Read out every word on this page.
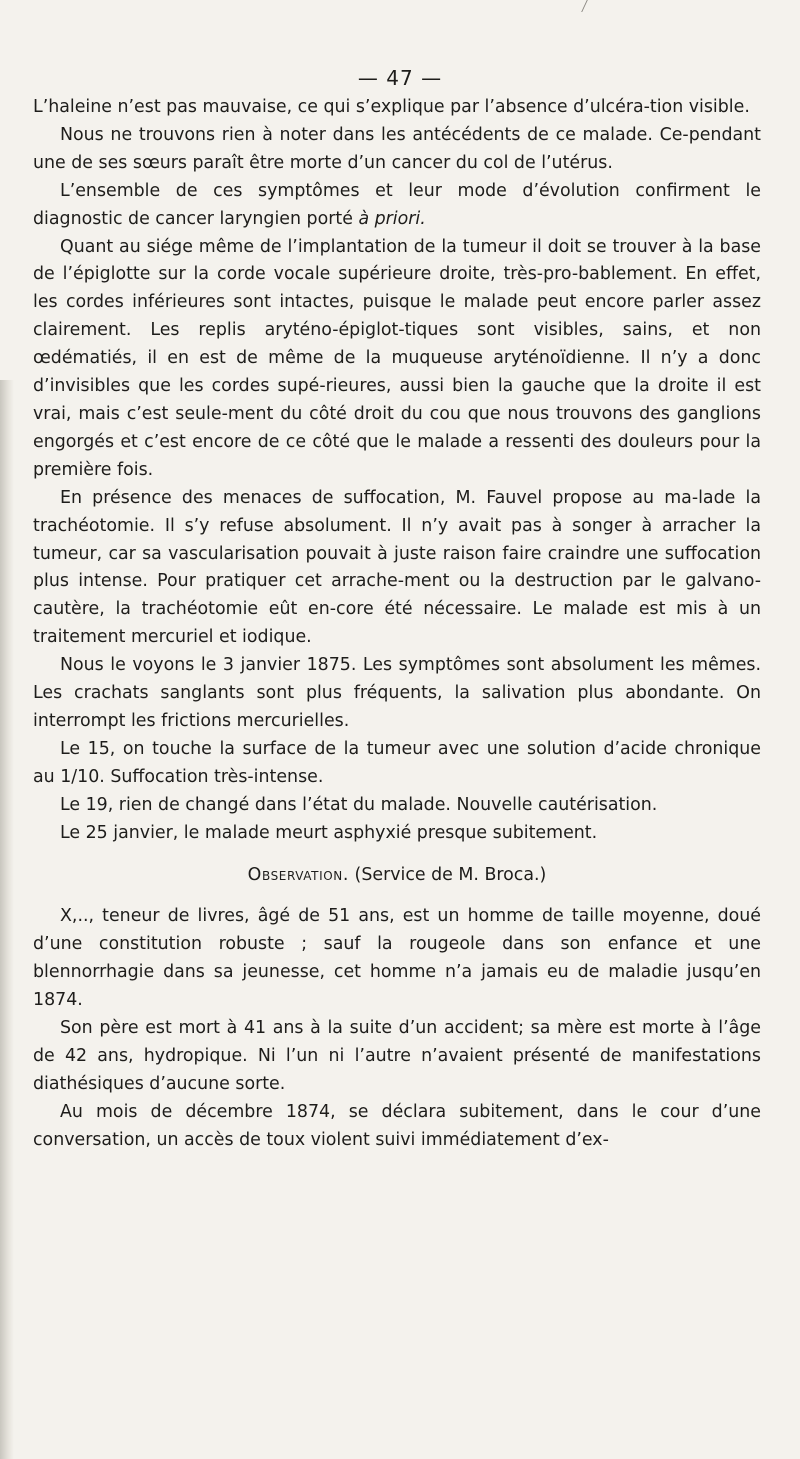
— 47 —

L’haleine n’est pas mauvaise, ce qui s’explique par l’absence d’ulcéra-tion visible.

Nous ne trouvons rien à noter dans les antécédents de ce malade. Ce-pendant une de ses sœurs paraît être morte d’un cancer du col de l’utérus.

L’ensemble de ces symptômes et leur mode d’évolution confirment le diagnostic de cancer laryngien porté à priori.

Quant au siége même de l’implantation de la tumeur il doit se trouver à la base de l’épiglotte sur la corde vocale supérieure droite, très-pro-bablement. En effet, les cordes inférieures sont intactes, puisque le malade peut encore parler assez clairement. Les replis aryténo-épiglot-tiques sont visibles, sains, et non œdématiés, il en est de même de la muqueuse aryténoïdienne. Il n’y a donc d’invisibles que les cordes supé-rieures, aussi bien la gauche que la droite il est vrai, mais c’est seule-ment du côté droit du cou que nous trouvons des ganglions engorgés et c’est encore de ce côté que le malade a ressenti des douleurs pour la première fois.

En présence des menaces de suffocation, M. Fauvel propose au ma-lade la trachéotomie. Il s’y refuse absolument. Il n’y avait pas à songer à arracher la tumeur, car sa vascularisation pouvait à juste raison faire craindre une suffocation plus intense. Pour pratiquer cet arrache-ment ou la destruction par le galvano-cautère, la trachéotomie eût en-core été nécessaire. Le malade est mis à un traitement mercuriel et iodique.

Nous le voyons le 3 janvier 1875. Les symptômes sont absolument les mêmes. Les crachats sanglants sont plus fréquents, la salivation plus abondante. On interrompt les frictions mercurielles.

Le 15, on touche la surface de la tumeur avec une solution d’acide chronique au 1/10. Suffocation très-intense.

Le 19, rien de changé dans l’état du malade. Nouvelle cautérisation.

Le 25 janvier, le malade meurt asphyxié presque subitement.

Observation. (Service de M. Broca.)

X,.., teneur de livres, âgé de 51 ans, est un homme de taille moyenne, doué d’une constitution robuste ; sauf la rougeole dans son enfance et une blennorrhagie dans sa jeunesse, cet homme n’a jamais eu de maladie jusqu’en 1874.

Son père est mort à 41 ans à la suite d’un accident; sa mère est morte à l’âge de 42 ans, hydropique. Ni l’un ni l’autre n’avaient présenté de manifestations diathésiques d’aucune sorte.

Au mois de décembre 1874, se déclara subitement, dans le cour d’une conversation, un accès de toux violent suivi immédiatement d’ex-
